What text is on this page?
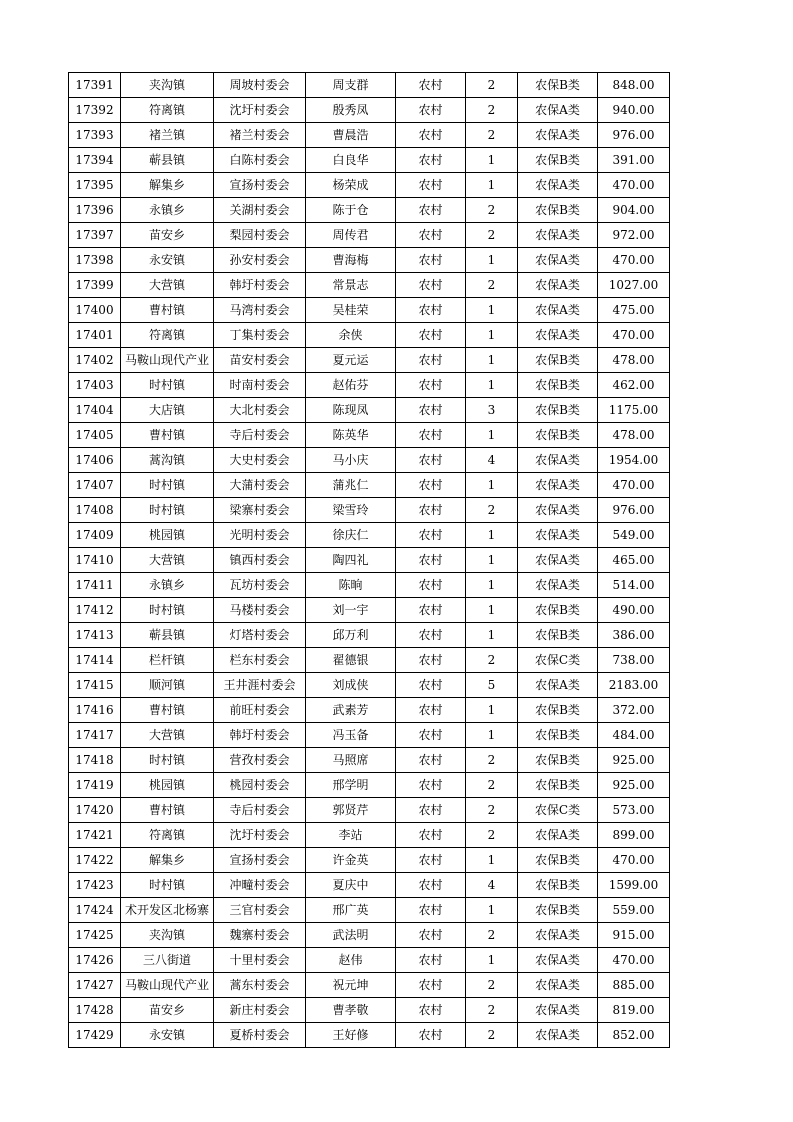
17391	夹沟镇	周坡村委会	周支群	农村	2	农保B类	848.00
17392	符离镇	沈圩村委会	殷秀凤	农村	2	农保A类	940.00
17393	褚兰镇	褚兰村委会	曹晨浩	农村	2	农保A类	976.00
17394	蕲县镇	白陈村委会	白良华	农村	1	农保B类	391.00
17395	解集乡	宣扬村委会	杨荣成	农村	1	农保A类	470.00
17396	永镇乡	关湖村委会	陈于仓	农村	2	农保B类	904.00
17397	苗安乡	梨园村委会	周传君	农村	2	农保A类	972.00
17398	永安镇	孙安村委会	曹海梅	农村	1	农保A类	470.00
17399	大营镇	韩圩村委会	常景志	农村	2	农保A类	1027.00
17400	曹村镇	马湾村委会	吴桂荣	农村	1	农保A类	475.00
17401	符离镇	丁集村委会	余侠	农村	1	农保A类	470.00
17402	马鞍山现代产业	苗安村委会	夏元运	农村	1	农保B类	478.00
17403	时村镇	时南村委会	赵佑芬	农村	1	农保B类	462.00
17404	大店镇	大北村委会	陈现凤	农村	3	农保B类	1175.00
17405	曹村镇	寺后村委会	陈英华	农村	1	农保B类	478.00
17406	蒿沟镇	大史村委会	马小庆	农村	4	农保A类	1954.00
17407	时村镇	大蒲村委会	蒲兆仁	农村	1	农保A类	470.00
17408	时村镇	梁寨村委会	梁雪玲	农村	2	农保A类	976.00
17409	桃园镇	光明村委会	徐庆仁	农村	1	农保A类	549.00
17410	大营镇	镇西村委会	陶四礼	农村	1	农保A类	465.00
17411	永镇乡	瓦坊村委会	陈晌	农村	1	农保A类	514.00
17412	时村镇	马楼村委会	刘一宇	农村	1	农保B类	490.00
17413	蕲县镇	灯塔村委会	邱万利	农村	1	农保B类	386.00
17414	栏杆镇	栏东村委会	翟德银	农村	2	农保C类	738.00
17415	顺河镇	王井涯村委会	刘成侠	农村	5	农保A类	2183.00
17416	曹村镇	前旺村委会	武素芳	农村	1	农保B类	372.00
17417	大营镇	韩圩村委会	冯玉备	农村	1	农保B类	484.00
17418	时村镇	营孜村委会	马照席	农村	2	农保B类	925.00
17419	桃园镇	桃园村委会	邢学明	农村	2	农保B类	925.00
17420	曹村镇	寺后村委会	郭贤芹	农村	2	农保C类	573.00
17421	符离镇	沈圩村委会	李站	农村	2	农保A类	899.00
17422	解集乡	宣扬村委会	许金英	农村	1	农保B类	470.00
17423	时村镇	冲疃村委会	夏庆中	农村	4	农保B类	1599.00
17424	术开发区北杨寨	三官村委会	邢广英	农村	1	农保B类	559.00
17425	夹沟镇	魏寨村委会	武法明	农村	2	农保A类	915.00
17426	三八街道	十里村委会	赵伟	农村	1	农保A类	470.00
17427	马鞍山现代产业	蒿东村委会	祝元坤	农村	2	农保A类	885.00
17428	苗安乡	新庄村委会	曹孝敬	农村	2	农保A类	819.00
17429	永安镇	夏桥村委会	王好修	农村	2	农保A类	852.00
